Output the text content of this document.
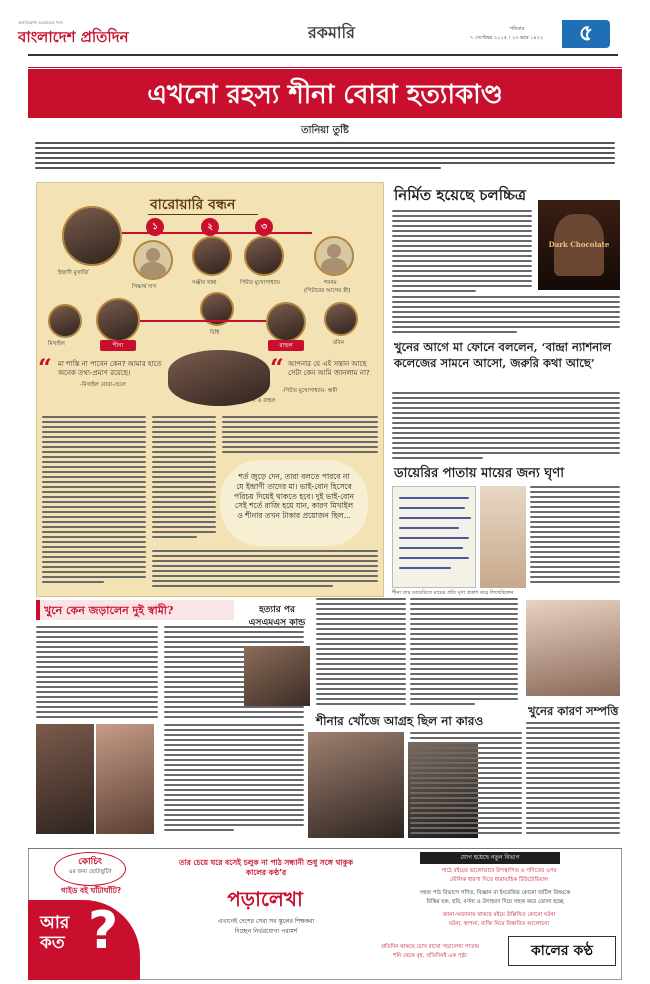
অপ্রতিরোধ্য অগ্রযাত্রার পথে
বাংলাদেশ প্রতিদিন	রকমারি	শনিবার
৭ সেপ্টেম্বর ২০১৫ । ২৩ ভাদ্র ১৪২২	৫
এখনো রহস্য শীনা বোরা হত্যাকাণ্ড
তানিয়া তুষ্টি
বারোয়ারি বন্ধন
ইন্দ্রাণী মুখার্জি
১	২	৩
সিদ্ধার্থ দাস
সঞ্জীব খান্না	পিটার মুখোপাধ্যায়	শবনম
(পিটারের আগের স্ত্রী)
বিধি
মিখাইল	শীনা	রাহুল	রবিন
“ মা শাস্তি না পাবেন কেন? আমার হাতে অনেক তথ্য-প্রমাণ রয়েছে।
-মিখাইল বোরা-ছেলে
“ আপনার যে এই সন্তান আছে সেটা কেন আমি জানলাম না?
-পিটার মুখোপাধ্যায়- স্বামী
শীনা ও রাহুল
শর্ত জুড়ে দেন, তারা বলতে পারবে না যে ইন্দ্রাণী তাদের মা। ভাই-বোন হিসেবে পরিচয় দিয়েই থাকতে হবে। দুই ভাই-বোন সেই শর্তে রাজি হয়ে যান, কারণ মিখাইল ও শীনার তখন টাকার প্রয়োজন ছিল...
নির্মিত হয়েছে চলচ্চিত্র
Dark Chocolate
খুনের আগে মা ফোনে বললেন, ‘বান্দ্রা ন্যাশনাল কলেজের সামনে আসো, জরুরি কথা আছে’
ডায়েরির পাতায় মায়ের জন্য ঘৃণা
শীনা তার ডায়েরিতে মায়ের প্রতি ঘৃণা প্রকাশ করে লিখেছিলেন
খুনে কেন জড়ালেন দুই স্বামী?	হত্যার পর এসএমএস কান্ড
খুনের কারণ সম্পত্তি
শীনার খোঁজে আগ্রহ ছিল না কারও
যোগ হয়েছে নতুন বিভাগ
কোচিং
এর জন্য ছোটাছুটি?
গাইড বই ঘাঁটাঘাঁটি?
আর কত ?
তার চেয়ে ঘরে বসেই চলুক না পাঠ সন্ধানী শুধু সঙ্গে থাকুক কালের কণ্ঠ’র
পড়ালেখা
এখানেই দেশের সেরা সব স্কুলের শিক্ষকরা
দিচ্ছেন নির্ভরযোগ্য পরামর্শ
পাঠে বইয়ের ভালোভাবে উপস্থাপিত ও গণিতের ওপর
মৌলিক ধারণা দিতে ধারাবাহিক টিউটোরিয়াল
সহজ পাঠ বিভাগে গণিত, বিজ্ঞান বা ইংরেজির কোনো জটিল বিষয়কে
বিস্তির ছক, ছবি, বর্ণনা ও উদাহরণ দিয়ে সহজ করে তোলা হচ্ছে
জানা-অজানায় থাকছে বইয়ে উল্লিখিত কোনো ঘটনা
ঘটনা, স্থাপনা, ব্যক্তি নিয়ে বিস্তারিত আলোচনা
প্রতিদিন থাকছে চোখ রাখো পড়ালেখা পাতায়
শনি থেকে বৃহ. প্রতিদিনই এক পৃষ্ঠা	কালের কণ্ঠ
